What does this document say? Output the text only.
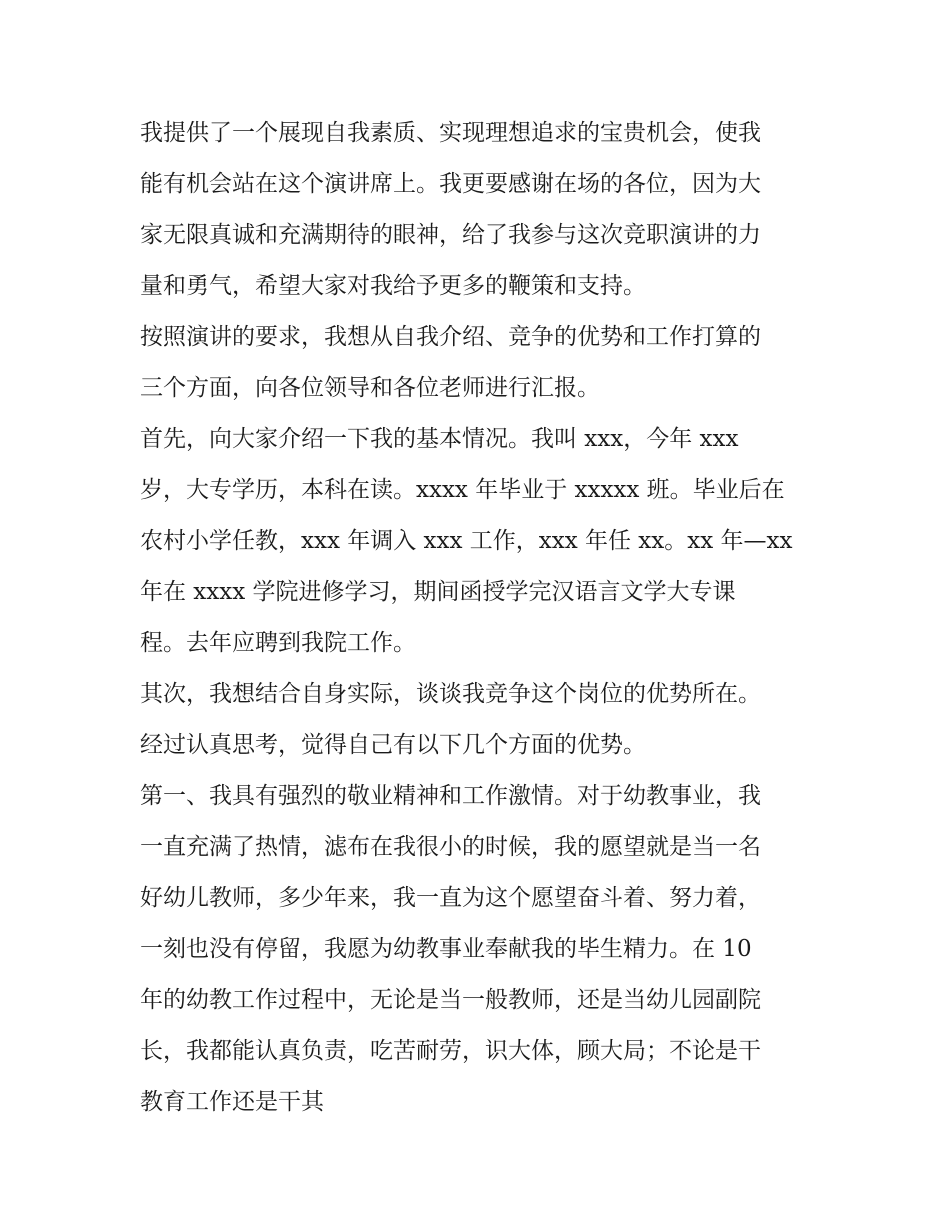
我提供了一个展现自我素质、实现理想追求的宝贵机会，使我
能有机会站在这个演讲席上。我更要感谢在场的各位，因为大
家无限真诚和充满期待的眼神，给了我参与这次竞职演讲的力
量和勇气，希望大家对我给予更多的鞭策和支持。
按照演讲的要求，我想从自我介绍、竞争的优势和工作打算的
三个方面，向各位领导和各位老师进行汇报。
首先，向大家介绍一下我的基本情况。我叫 xxx，今年 xxx
岁，大专学历，本科在读。xxxx 年毕业于 xxxxx 班。毕业后在
农村小学任教，xxx 年调入 xxx 工作，xxx 年任 xx。xx 年—xx
年在 xxxx 学院进修学习，期间函授学完汉语言文学大专课
程。去年应聘到我院工作。
其次，我想结合自身实际，谈谈我竞争这个岗位的优势所在。
经过认真思考，觉得自己有以下几个方面的优势。
第一、我具有强烈的敬业精神和工作激情。对于幼教事业，我
一直充满了热情，滤布在我很小的时候，我的愿望就是当一名
好幼儿教师，多少年来，我一直为这个愿望奋斗着、努力着，
一刻也没有停留，我愿为幼教事业奉献我的毕生精力。在 10
年的幼教工作过程中，无论是当一般教师，还是当幼儿园副院
长，我都能认真负责，吃苦耐劳，识大体，顾大局；不论是干
教育工作还是干其
